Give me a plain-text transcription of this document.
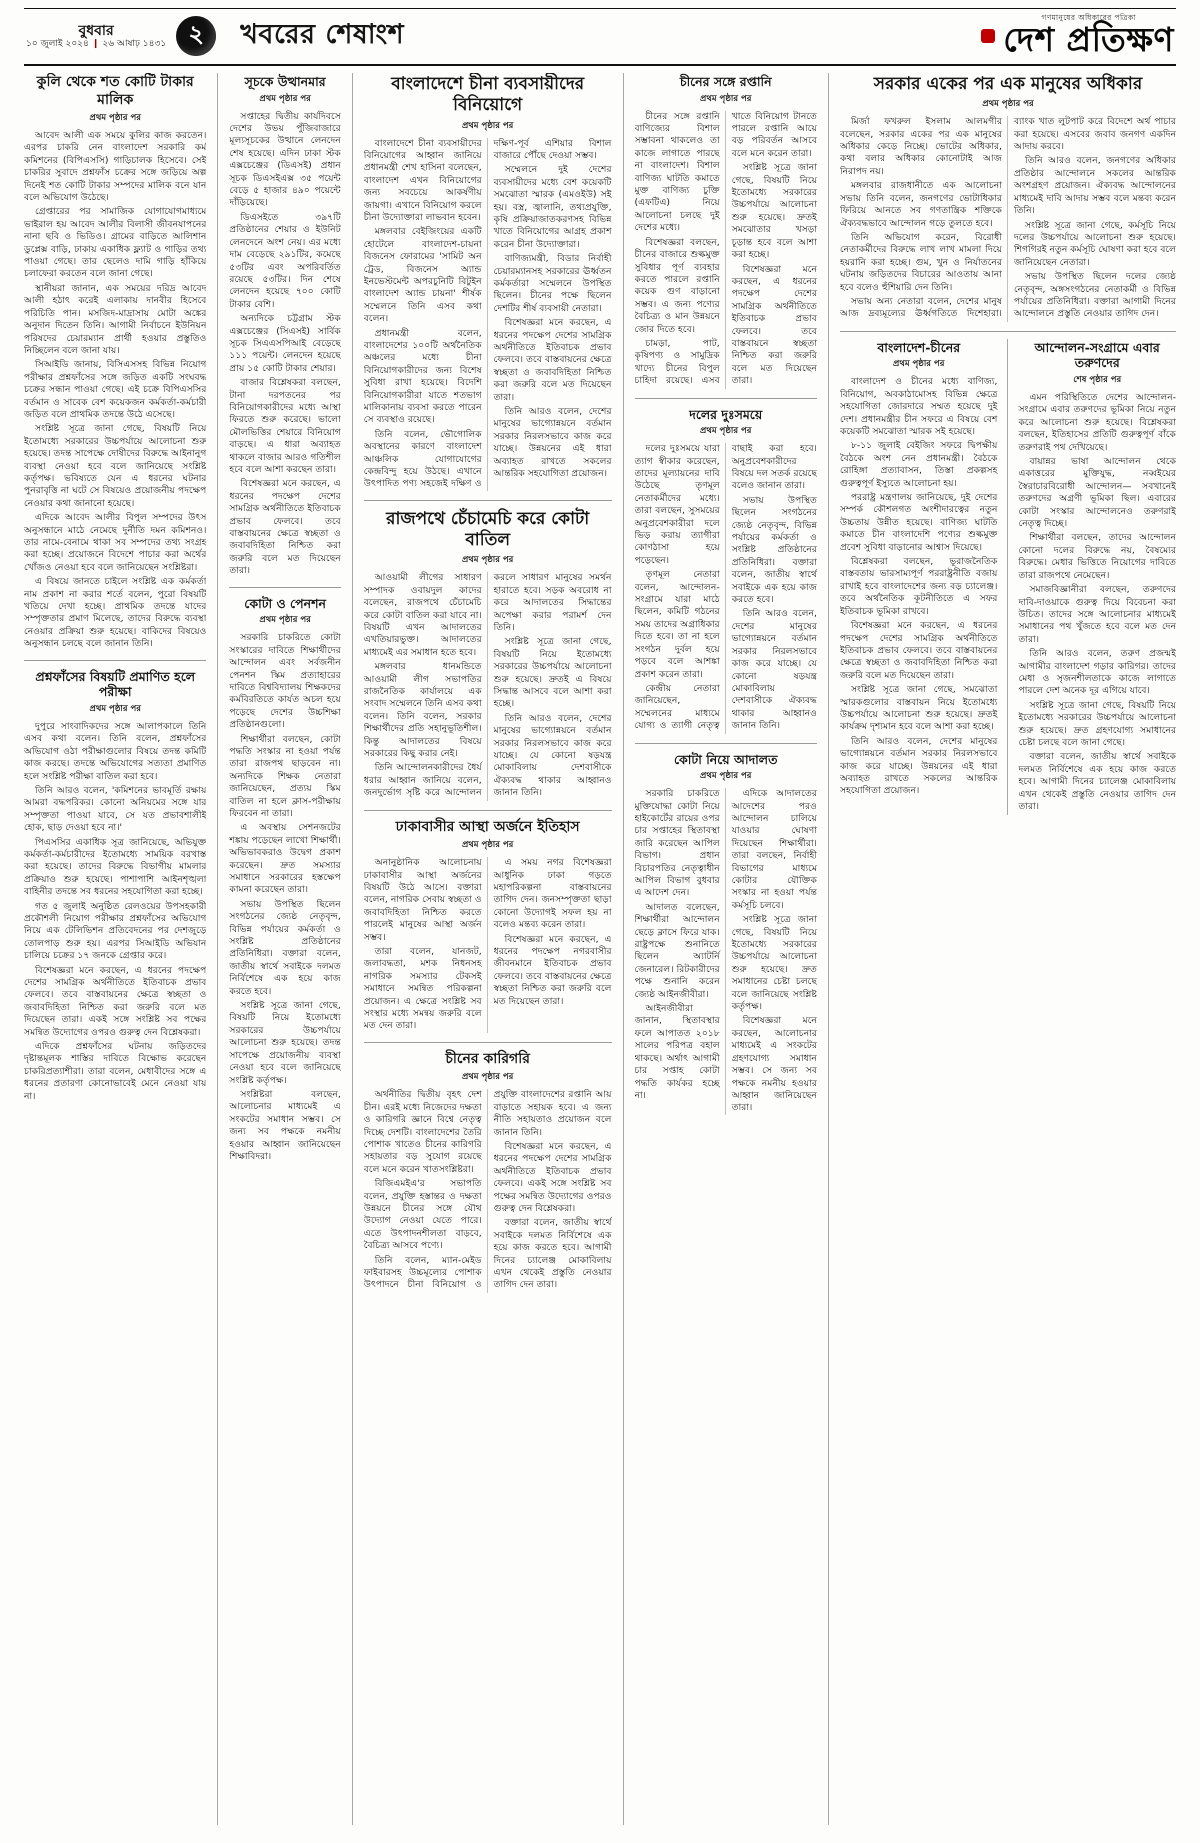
বুধবার
১০ জুলাই ২০২৪ ❙ ২৬ আষাঢ় ১৪৩১ ২	খবরের শেষাংশ
গণমানুষের অধিকারের পত্রিকা
দেশ প্রতিক্ষণ
কুলি থেকে শত কোটি টাকার মালিক
প্রথম পৃষ্ঠার পর

আবেদ আলী এক সময়ে কুলির কাজ করতেন। এরপর চাকরি নেন বাংলাদেশ সরকারি কর্ম কমিশনের (বিপিএসসি) গাড়িচালক হিসেবে। সেই চাকরির সুবাদে প্রশ্নফাঁস চক্রের সঙ্গে জড়িয়ে অল্প দিনেই শত কোটি টাকার সম্পদের মালিক বনে যান বলে অভিযোগ উঠেছে।

গ্রেপ্তারের পর সামাজিক যোগাযোগমাধ্যমে ভাইরাল হয় আবেদ আলীর বিলাসী জীবনযাপনের নানা ছবি ও ভিডিও। গ্রামের বাড়িতে আলিশান ডুপ্লেক্স বাড়ি, ঢাকায় একাধিক ফ্ল্যাট ও গাড়ির তথ্য পাওয়া গেছে। তার ছেলেও দামি গাড়ি হাঁকিয়ে চলাফেরা করতেন বলে জানা গেছে।

স্থানীয়রা জানান, এক সময়ের দরিদ্র আবেদ আলী হঠাৎ করেই এলাকায় দানবীর হিসেবে পরিচিতি পান। মসজিদ-মাদ্রাসায় মোটা অঙ্কের অনুদান দিতেন তিনি। আগামী নির্বাচনে ইউনিয়ন পরিষদের চেয়ারম্যান প্রার্থী হওয়ার প্রস্তুতিও নিচ্ছিলেন বলে জানা যায়।

সিআইডি জানায়, বিসিএসসহ বিভিন্ন নিয়োগ পরীক্ষার প্রশ্নফাঁসের সঙ্গে জড়িত একটি সংঘবদ্ধ চক্রের সন্ধান পাওয়া গেছে। এই চক্রে বিপিএসসির বর্তমান ও সাবেক বেশ কয়েকজন কর্মকর্তা-কর্মচারী জড়িত বলে প্রাথমিক তদন্তে উঠে এসেছে।

সংশ্লিষ্ট সূত্রে জানা গেছে, বিষয়টি নিয়ে ইতোমধ্যে সরকারের উচ্চপর্যায়ে আলোচনা শুরু হয়েছে। তদন্ত সাপেক্ষে দোষীদের বিরুদ্ধে আইনানুগ ব্যবস্থা নেওয়া হবে বলে জানিয়েছে সংশ্লিষ্ট কর্তৃপক্ষ। ভবিষ্যতে যেন এ ধরনের ঘটনার পুনরাবৃত্তি না ঘটে সে বিষয়েও প্রয়োজনীয় পদক্ষেপ নেওয়ার কথা জানানো হয়েছে।

এদিকে আবেদ আলীর বিপুল সম্পদের উৎস অনুসন্ধানে মাঠে নেমেছে দুর্নীতি দমন কমিশনও। তার নামে-বেনামে থাকা সব সম্পদের তথ্য সংগ্রহ করা হচ্ছে। প্রয়োজনে বিদেশে পাচার করা অর্থের খোঁজও নেওয়া হবে বলে জানিয়েছেন সংশ্লিষ্টরা।

এ বিষয়ে জানতে চাইলে সংশ্লিষ্ট এক কর্মকর্তা নাম প্রকাশ না করার শর্তে বলেন, পুরো বিষয়টি খতিয়ে দেখা হচ্ছে। প্রাথমিক তদন্তে যাদের সম্পৃক্ততার প্রমাণ মিলেছে, তাদের বিরুদ্ধে ব্যবস্থা নেওয়ার প্রক্রিয়া শুরু হয়েছে। বাকিদের বিষয়েও অনুসন্ধান চলছে বলে জানান তিনি।

প্রশ্নফাঁসের বিষয়টি প্রমাণিত হলে পরীক্ষা
প্রথম পৃষ্ঠার পর

দুপুরে সাংবাদিকদের সঙ্গে আলাপকালে তিনি এসব কথা বলেন। তিনি বলেন, প্রশ্নফাঁসের অভিযোগ ওঠা পরীক্ষাগুলোর বিষয়ে তদন্ত কমিটি কাজ করছে। তদন্তে অভিযোগের সত্যতা প্রমাণিত হলে সংশ্লিষ্ট পরীক্ষা বাতিল করা হবে।

তিনি আরও বলেন, 'কমিশনের ভাবমূর্তি রক্ষায় আমরা বদ্ধপরিকর। কোনো অনিয়মের সঙ্গে যার সম্পৃক্ততা পাওয়া যাবে, সে যত প্রভাবশালীই হোক, ছাড় দেওয়া হবে না।'

পিএসসির একাধিক সূত্র জানিয়েছে, অভিযুক্ত কর্মকর্তা-কর্মচারীদের ইতোমধ্যে সাময়িক বরখাস্ত করা হয়েছে। তাদের বিরুদ্ধে বিভাগীয় মামলার প্রক্রিয়াও শুরু হয়েছে। পাশাপাশি আইনশৃঙ্খলা বাহিনীর তদন্তে সব ধরনের সহযোগিতা করা হচ্ছে।

গত ৫ জুলাই অনুষ্ঠিত রেলওয়ের উপসহকারী প্রকৌশলী নিয়োগ পরীক্ষার প্রশ্নফাঁসের অভিযোগ নিয়ে এক টেলিভিশন প্রতিবেদনের পর দেশজুড়ে তোলপাড় শুরু হয়। এরপর সিআইডি অভিযান চালিয়ে চক্রের ১৭ জনকে গ্রেপ্তার করে।

বিশেষজ্ঞরা মনে করছেন, এ ধরনের পদক্ষেপ দেশের সামগ্রিক অর্থনীতিতে ইতিবাচক প্রভাব ফেলবে। তবে বাস্তবায়নের ক্ষেত্রে স্বচ্ছতা ও জবাবদিহিতা নিশ্চিত করা জরুরি বলে মত দিয়েছেন তারা। একই সঙ্গে সংশ্লিষ্ট সব পক্ষের সমন্বিত উদ্যোগের ওপরও গুরুত্ব দেন বিশ্লেষকরা।

এদিকে প্রশ্নফাঁসের ঘটনায় জড়িতদের দৃষ্টান্তমূলক শাস্তির দাবিতে বিক্ষোভ করেছেন চাকরিপ্রত্যাশীরা। তারা বলেন, মেধাবীদের সঙ্গে এ ধরনের প্রতারণা কোনোভাবেই মেনে নেওয়া যায় না।

সূচকে উত্থানমার
প্রথম পৃষ্ঠার পর

সপ্তাহের দ্বিতীয় কার্যদিবসে দেশের উভয় পুঁজিবাজারে মূল্যসূচকের উত্থানে লেনদেন শেষ হয়েছে। এদিন ঢাকা স্টক এক্সচেঞ্জের (ডিএসই) প্রধান সূচক ডিএসইএক্স ৩৫ পয়েন্ট বেড়ে ৫ হাজার ৪৯০ পয়েন্টে দাঁড়িয়েছে।

ডিএসইতে ৩৯৭টি প্রতিষ্ঠানের শেয়ার ও ইউনিট লেনদেনে অংশ নেয়। এর মধ্যে দাম বেড়েছে ২৯১টির, কমেছে ৫৩টির এবং অপরিবর্তিত রয়েছে ৫৩টির। দিন শেষে লেনদেন হয়েছে ৭০০ কোটি টাকার বেশি।

অন্যদিকে চট্টগ্রাম স্টক এক্সচেঞ্জের (সিএসই) সার্বিক সূচক সিএএসপিআই বেড়েছে ১১১ পয়েন্ট। লেনদেন হয়েছে প্রায় ১৫ কোটি টাকার শেয়ার।

বাজার বিশ্লেষকরা বলছেন, টানা দরপতনের পর বিনিয়োগকারীদের মধ্যে আস্থা ফিরতে শুরু করেছে। ভালো মৌলভিত্তির শেয়ারে বিনিয়োগ বাড়ছে। এ ধারা অব্যাহত থাকলে বাজার আরও গতিশীল হবে বলে আশা করছেন তারা।

বিশেষজ্ঞরা মনে করছেন, এ ধরনের পদক্ষেপ দেশের সামগ্রিক অর্থনীতিতে ইতিবাচক প্রভাব ফেলবে। তবে বাস্তবায়নের ক্ষেত্রে স্বচ্ছতা ও জবাবদিহিতা নিশ্চিত করা জরুরি বলে মত দিয়েছেন তারা।

কোটা ও পেনশন
প্রথম পৃষ্ঠার পর

সরকারি চাকরিতে কোটা সংস্কারের দাবিতে শিক্ষার্থীদের আন্দোলন এবং সর্বজনীন পেনশন স্কিম প্রত্যাহারের দাবিতে বিশ্ববিদ্যালয় শিক্ষকদের কর্মবিরতিতে কার্যত অচল হয়ে পড়েছে দেশের উচ্চশিক্ষা প্রতিষ্ঠানগুলো।

শিক্ষার্থীরা বলছেন, কোটা পদ্ধতি সংস্কার না হওয়া পর্যন্ত তারা রাজপথ ছাড়বেন না। অন্যদিকে শিক্ষক নেতারা জানিয়েছেন, প্রত্যয় স্কিম বাতিল না হলে ক্লাস-পরীক্ষায় ফিরবেন না তারা।

এ অবস্থায় সেশনজটের শঙ্কায় পড়েছেন লাখো শিক্ষার্থী। অভিভাবকরাও উদ্বেগ প্রকাশ করেছেন। দ্রুত সমস্যার সমাধানে সরকারের হস্তক্ষেপ কামনা করেছেন তারা।

সভায় উপস্থিত ছিলেন সংগঠনের জ্যেষ্ঠ নেতৃবৃন্দ, বিভিন্ন পর্যায়ের কর্মকর্তা ও সংশ্লিষ্ট প্রতিষ্ঠানের প্রতিনিধিরা। বক্তারা বলেন, জাতীয় স্বার্থে সবাইকে দলমত নির্বিশেষে এক হয়ে কাজ করতে হবে।

সংশ্লিষ্ট সূত্রে জানা গেছে, বিষয়টি নিয়ে ইতোমধ্যে সরকারের উচ্চপর্যায়ে আলোচনা শুরু হয়েছে। তদন্ত সাপেক্ষে প্রয়োজনীয় ব্যবস্থা নেওয়া হবে বলে জানিয়েছে সংশ্লিষ্ট কর্তৃপক্ষ।

সংশ্লিষ্টরা বলছেন, আলোচনার মাধ্যমেই এ সংকটের সমাধান সম্ভব। সে জন্য সব পক্ষকে নমনীয় হওয়ার আহ্বান জানিয়েছেন শিক্ষাবিদরা।

বাংলাদেশে চীনা ব্যবসায়ীদের বিনিয়োগে
প্রথম পৃষ্ঠার পর

বাংলাদেশে চীনা ব্যবসায়ীদের বিনিয়োগের আহ্বান জানিয়ে প্রধানমন্ত্রী শেখ হাসিনা বলেছেন, বাংলাদেশ এখন বিনিয়োগের জন্য সবচেয়ে আকর্ষণীয় জায়গা। এখানে বিনিয়োগ করলে চীনা উদ্যোক্তারা লাভবান হবেন।

মঙ্গলবার বেইজিংয়ের একটি হোটেলে বাংলাদেশ-চায়না বিজনেস ফোরামের 'সামিট অন ট্রেড, বিজনেস অ্যান্ড ইনভেস্টমেন্ট অপরচুনিটি বিটুইন বাংলাদেশ অ্যান্ড চায়না' শীর্ষক সম্মেলনে তিনি এসব কথা বলেন।

প্রধানমন্ত্রী বলেন, বাংলাদেশের ১০০টি অর্থনৈতিক অঞ্চলের মধ্যে চীনা বিনিয়োগকারীদের জন্য বিশেষ সুবিধা রাখা হয়েছে। বিদেশি বিনিয়োগকারীরা যাতে শতভাগ মালিকানায় ব্যবসা করতে পারেন সে ব্যবস্থাও রয়েছে।

তিনি বলেন, ভৌগোলিক অবস্থানের কারণে বাংলাদেশ আঞ্চলিক যোগাযোগের কেন্দ্রবিন্দু হয়ে উঠছে। এখানে উৎপাদিত পণ্য সহজেই দক্ষিণ ও দক্ষিণ-পূর্ব এশিয়ার বিশাল বাজারে পৌঁছে দেওয়া সম্ভব।

সম্মেলনে দুই দেশের ব্যবসায়ীদের মধ্যে বেশ কয়েকটি সমঝোতা স্মারক (এমওইউ) সই হয়। বস্ত্র, জ্বালানি, তথ্যপ্রযুক্তি, কৃষি প্রক্রিয়াজাতকরণসহ বিভিন্ন খাতে বিনিয়োগের আগ্রহ প্রকাশ করেন চীনা উদ্যোক্তারা।

বাণিজ্যমন্ত্রী, বিডার নির্বাহী চেয়ারম্যানসহ সরকারের ঊর্ধ্বতন কর্মকর্তারা সম্মেলনে উপস্থিত ছিলেন। চীনের পক্ষে ছিলেন দেশটির শীর্ষ ব্যবসায়ী নেতারা।

বিশেষজ্ঞরা মনে করছেন, এ ধরনের পদক্ষেপ দেশের সামগ্রিক অর্থনীতিতে ইতিবাচক প্রভাব ফেলবে। তবে বাস্তবায়নের ক্ষেত্রে স্বচ্ছতা ও জবাবদিহিতা নিশ্চিত করা জরুরি বলে মত দিয়েছেন তারা।

তিনি আরও বলেন, দেশের মানুষের ভাগ্যোন্নয়নে বর্তমান সরকার নিরলসভাবে কাজ করে যাচ্ছে। উন্নয়নের এই ধারা অব্যাহত রাখতে সকলের আন্তরিক সহযোগিতা প্রয়োজন।

রাজপথে চেঁচামেচি করে কোটা বাতিল
প্রথম পৃষ্ঠার পর

আওয়ামী লীগের সাধারণ সম্পাদক ওবায়দুল কাদের বলেছেন, রাজপথে চেঁচামেচি করে কোটা বাতিল করা যাবে না। বিষয়টি এখন আদালতের এখতিয়ারভুক্ত। আদালতের মাধ্যমেই এর সমাধান হতে হবে।

মঙ্গলবার ধানমন্ডিতে আওয়ামী লীগ সভাপতির রাজনৈতিক কার্যালয়ে এক সংবাদ সম্মেলনে তিনি এসব কথা বলেন। তিনি বলেন, সরকার শিক্ষার্থীদের প্রতি সহানুভূতিশীল। কিন্তু আদালতের বিষয়ে সরকারের কিছু করার নেই।

তিনি আন্দোলনকারীদের ধৈর্য ধরার আহ্বান জানিয়ে বলেন, জনদুর্ভোগ সৃষ্টি করে আন্দোলন করলে সাধারণ মানুষের সমর্থন হারাতে হবে। সড়ক অবরোধ না করে আদালতের সিদ্ধান্তের অপেক্ষা করার পরামর্শ দেন তিনি।

সংশ্লিষ্ট সূত্রে জানা গেছে, বিষয়টি নিয়ে ইতোমধ্যে সরকারের উচ্চপর্যায়ে আলোচনা শুরু হয়েছে। দ্রুতই এ বিষয়ে সিদ্ধান্ত আসবে বলে আশা করা হচ্ছে।

তিনি আরও বলেন, দেশের মানুষের ভাগ্যোন্নয়নে বর্তমান সরকার নিরলসভাবে কাজ করে যাচ্ছে। যে কোনো ষড়যন্ত্র মোকাবিলায় দেশবাসীকে ঐক্যবদ্ধ থাকার আহ্বানও জানান তিনি।

ঢাকাবাসীর আস্থা অর্জনে ইতিহাস
প্রথম পৃষ্ঠার পর

অনানুষ্ঠানিক আলোচনায় ঢাকাবাসীর আস্থা অর্জনের বিষয়টি উঠে আসে। বক্তারা বলেন, নাগরিক সেবায় স্বচ্ছতা ও জবাবদিহিতা নিশ্চিত করতে পারলেই মানুষের আস্থা অর্জন সম্ভব।

তারা বলেন, যানজট, জলাবদ্ধতা, মশক নিধনসহ নাগরিক সমস্যার টেকসই সমাধানে সমন্বিত পরিকল্পনা প্রয়োজন। এ ক্ষেত্রে সংশ্লিষ্ট সব সংস্থার মধ্যে সমন্বয় জরুরি বলে মত দেন তারা।

এ সময় নগর বিশেষজ্ঞরা আধুনিক ঢাকা গড়তে মহাপরিকল্পনা বাস্তবায়নের তাগিদ দেন। জনসম্পৃক্ততা ছাড়া কোনো উদ্যোগই সফল হয় না বলেও মন্তব্য করেন তারা।

বিশেষজ্ঞরা মনে করছেন, এ ধরনের পদক্ষেপ নগরবাসীর জীবনমানে ইতিবাচক প্রভাব ফেলবে। তবে বাস্তবায়নের ক্ষেত্রে স্বচ্ছতা নিশ্চিত করা জরুরি বলে মত দিয়েছেন তারা।

চীনের কারিগরি
প্রথম পৃষ্ঠার পর

অর্থনীতির দ্বিতীয় বৃহৎ দেশ চীন। এরই মধ্যে নিজেদের দক্ষতা ও কারিগরি জ্ঞানে বিশ্বে নেতৃত্ব দিচ্ছে দেশটি। বাংলাদেশের তৈরি পোশাক খাতেও চীনের কারিগরি সহায়তার বড় সুযোগ রয়েছে বলে মনে করেন খাতসংশ্লিষ্টরা।

বিজিএমইএ'র সভাপতি বলেন, প্রযুক্তি হস্তান্তর ও দক্ষতা উন্নয়নে চীনের সঙ্গে যৌথ উদ্যোগ নেওয়া যেতে পারে। এতে উৎপাদনশীলতা বাড়বে, বৈচিত্র্য আসবে পণ্যে।

তিনি বলেন, ম্যান-মেইড ফাইবারসহ উচ্চমূল্যের পোশাক উৎপাদনে চীনা বিনিয়োগ ও প্রযুক্তি বাংলাদেশের রপ্তানি আয় বাড়াতে সহায়ক হবে। এ জন্য নীতি সহায়তাও প্রয়োজন বলে জানান তিনি।

বিশেষজ্ঞরা মনে করছেন, এ ধরনের পদক্ষেপ দেশের সামগ্রিক অর্থনীতিতে ইতিবাচক প্রভাব ফেলবে। একই সঙ্গে সংশ্লিষ্ট সব পক্ষের সমন্বিত উদ্যোগের ওপরও গুরুত্ব দেন বিশ্লেষকরা।

বক্তারা বলেন, জাতীয় স্বার্থে সবাইকে দলমত নির্বিশেষে এক হয়ে কাজ করতে হবে। আগামী দিনের চ্যালেঞ্জ মোকাবিলায় এখন থেকেই প্রস্তুতি নেওয়ার তাগিদ দেন তারা।

চীনের সঙ্গে রপ্তানি
প্রথম পৃষ্ঠার পর

চীনের সঙ্গে রপ্তানি বাণিজ্যের বিশাল সম্ভাবনা থাকলেও তা কাজে লাগাতে পারছে না বাংলাদেশ। বিশাল বাণিজ্য ঘাটতি কমাতে মুক্ত বাণিজ্য চুক্তি (এফটিএ) নিয়ে আলোচনা চলছে দুই দেশের মধ্যে।

বিশেষজ্ঞরা বলছেন, চীনের বাজারে শুল্কমুক্ত সুবিধার পূর্ণ ব্যবহার করতে পারলে রপ্তানি কয়েক গুণ বাড়ানো সম্ভব। এ জন্য পণ্যের বৈচিত্র্য ও মান উন্নয়নে জোর দিতে হবে।

চামড়া, পাট, কৃষিপণ্য ও সামুদ্রিক খাদ্যে চীনের বিপুল চাহিদা রয়েছে। এসব খাতে বিনিয়োগ টানতে পারলে রপ্তানি আয়ে বড় পরিবর্তন আসবে বলে মনে করেন তারা।

সংশ্লিষ্ট সূত্রে জানা গেছে, বিষয়টি নিয়ে ইতোমধ্যে সরকারের উচ্চপর্যায়ে আলোচনা শুরু হয়েছে। দ্রুতই সমঝোতার খসড়া চূড়ান্ত হবে বলে আশা করা হচ্ছে।

বিশেষজ্ঞরা মনে করছেন, এ ধরনের পদক্ষেপ দেশের সামগ্রিক অর্থনীতিতে ইতিবাচক প্রভাব ফেলবে। তবে বাস্তবায়নে স্বচ্ছতা নিশ্চিত করা জরুরি বলে মত দিয়েছেন তারা।

দলের দুঃসময়ে
প্রথম পৃষ্ঠার পর

দলের দুঃসময়ে যারা ত্যাগ স্বীকার করেছেন, তাদের মূল্যায়নের দাবি উঠেছে তৃণমূল নেতাকর্মীদের মধ্যে। তারা বলছেন, সুসময়ের অনুপ্রবেশকারীরা দলে ভিড় করায় ত্যাগীরা কোণঠাসা হয়ে পড়েছেন।

তৃণমূল নেতারা বলেন, আন্দোলন-সংগ্রামে যারা মাঠে ছিলেন, কমিটি গঠনের সময় তাদের অগ্রাধিকার দিতে হবে। তা না হলে সংগঠন দুর্বল হয়ে পড়বে বলে আশঙ্কা প্রকাশ করেন তারা।

কেন্দ্রীয় নেতারা জানিয়েছেন, সম্মেলনের মাধ্যমে যোগ্য ও ত্যাগী নেতৃত্ব বাছাই করা হবে। অনুপ্রবেশকারীদের বিষয়ে দল সতর্ক রয়েছে বলেও জানান তারা।

সভায় উপস্থিত ছিলেন সংগঠনের জ্যেষ্ঠ নেতৃবৃন্দ, বিভিন্ন পর্যায়ের কর্মকর্তা ও সংশ্লিষ্ট প্রতিষ্ঠানের প্রতিনিধিরা। বক্তারা বলেন, জাতীয় স্বার্থে সবাইকে এক হয়ে কাজ করতে হবে।

তিনি আরও বলেন, দেশের মানুষের ভাগ্যোন্নয়নে বর্তমান সরকার নিরলসভাবে কাজ করে যাচ্ছে। যে কোনো ষড়যন্ত্র মোকাবিলায় দেশবাসীকে ঐক্যবদ্ধ থাকার আহ্বানও জানান তিনি।

কোটা নিয়ে আদালত
প্রথম পৃষ্ঠার পর

সরকারি চাকরিতে মুক্তিযোদ্ধা কোটা নিয়ে হাইকোর্টের রায়ের ওপর চার সপ্তাহের স্থিতাবস্থা জারি করেছেন আপিল বিভাগ। প্রধান বিচারপতির নেতৃত্বাধীন আপিল বিভাগ বুধবার এ আদেশ দেন।

আদালত বলেছেন, শিক্ষার্থীরা আন্দোলন ছেড়ে ক্লাসে ফিরে যাক। রাষ্ট্রপক্ষে শুনানিতে ছিলেন অ্যাটর্নি জেনারেল। রিটকারীদের পক্ষে শুনানি করেন জ্যেষ্ঠ আইনজীবীরা।

আইনজীবীরা জানান, স্থিতাবস্থার ফলে আপাতত ২০১৮ সালের পরিপত্র বহাল থাকছে। অর্থাৎ আগামী চার সপ্তাহ কোটা পদ্ধতি কার্যকর হচ্ছে না।

এদিকে আদালতের আদেশের পরও আন্দোলন চালিয়ে যাওয়ার ঘোষণা দিয়েছেন শিক্ষার্থীরা। তারা বলছেন, নির্বাহী বিভাগের মাধ্যমে কোটার যৌক্তিক সংস্কার না হওয়া পর্যন্ত কর্মসূচি চলবে।

সংশ্লিষ্ট সূত্রে জানা গেছে, বিষয়টি নিয়ে ইতোমধ্যে সরকারের উচ্চপর্যায়ে আলোচনা শুরু হয়েছে। দ্রুত সমাধানের চেষ্টা চলছে বলে জানিয়েছে সংশ্লিষ্ট কর্তৃপক্ষ।

বিশেষজ্ঞরা মনে করছেন, আলোচনার মাধ্যমেই এ সংকটের গ্রহণযোগ্য সমাধান সম্ভব। সে জন্য সব পক্ষকে নমনীয় হওয়ার আহ্বান জানিয়েছেন তারা।

সরকার একের পর এক মানুষের অধিকার
প্রথম পৃষ্ঠার পর

মির্জা ফখরুল ইসলাম আলমগীর বলেছেন, সরকার একের পর এক মানুষের অধিকার কেড়ে নিচ্ছে। ভোটের অধিকার, কথা বলার অধিকার কোনোটাই আজ নিরাপদ নয়।

মঙ্গলবার রাজধানীতে এক আলোচনা সভায় তিনি বলেন, জনগণের ভোটাধিকার ফিরিয়ে আনতে সব গণতান্ত্রিক শক্তিকে ঐক্যবদ্ধভাবে আন্দোলন গড়ে তুলতে হবে।

তিনি অভিযোগ করেন, বিরোধী নেতাকর্মীদের বিরুদ্ধে লাখ লাখ মামলা দিয়ে হয়রানি করা হচ্ছে। গুম, খুন ও নির্যাতনের ঘটনায় জড়িতদের বিচারের আওতায় আনা হবে বলেও হুঁশিয়ারি দেন তিনি।

সভায় অন্য নেতারা বলেন, দেশের মানুষ আজ দ্রব্যমূল্যের ঊর্ধ্বগতিতে দিশেহারা। ব্যাংক খাত লুটপাট করে বিদেশে অর্থ পাচার করা হয়েছে। এসবের জবাব জনগণ একদিন আদায় করবে।

তিনি আরও বলেন, জনগণের অধিকার প্রতিষ্ঠার আন্দোলনে সকলের আন্তরিক অংশগ্রহণ প্রয়োজন। ঐক্যবদ্ধ আন্দোলনের মাধ্যমেই দাবি আদায় সম্ভব বলে মন্তব্য করেন তিনি।

সংশ্লিষ্ট সূত্রে জানা গেছে, কর্মসূচি নিয়ে দলের উচ্চপর্যায়ে আলোচনা শুরু হয়েছে। শিগগিরই নতুন কর্মসূচি ঘোষণা করা হবে বলে জানিয়েছেন নেতারা।

সভায় উপস্থিত ছিলেন দলের জ্যেষ্ঠ নেতৃবৃন্দ, অঙ্গসংগঠনের নেতাকর্মী ও বিভিন্ন পর্যায়ের প্রতিনিধিরা। বক্তারা আগামী দিনের আন্দোলনে প্রস্তুতি নেওয়ার তাগিদ দেন।

বাংলাদেশ-চীনের
প্রথম পৃষ্ঠার পর

বাংলাদেশ ও চীনের মধ্যে বাণিজ্য, বিনিয়োগ, অবকাঠামোসহ বিভিন্ন ক্ষেত্রে সহযোগিতা জোরদারে সম্মত হয়েছে দুই দেশ। প্রধানমন্ত্রীর চীন সফরে এ বিষয়ে বেশ কয়েকটি সমঝোতা স্মারক সই হয়েছে।

৮-১১ জুলাই বেইজিং সফরে দ্বিপক্ষীয় বৈঠকে অংশ নেন প্রধানমন্ত্রী। বৈঠকে রোহিঙ্গা প্রত্যাবাসন, তিস্তা প্রকল্পসহ গুরুত্বপূর্ণ ইস্যুতে আলোচনা হয়।

পররাষ্ট্র মন্ত্রণালয় জানিয়েছে, দুই দেশের সম্পর্ক কৌশলগত অংশীদারত্বের নতুন উচ্চতায় উন্নীত হয়েছে। বাণিজ্য ঘাটতি কমাতে চীন বাংলাদেশি পণ্যের শুল্কমুক্ত প্রবেশ সুবিধা বাড়ানোর আশ্বাস দিয়েছে।

বিশ্লেষকরা বলছেন, ভূরাজনৈতিক বাস্তবতায় ভারসাম্যপূর্ণ পররাষ্ট্রনীতি বজায় রাখাই হবে বাংলাদেশের জন্য বড় চ্যালেঞ্জ। তবে অর্থনৈতিক কূটনীতিতে এ সফর ইতিবাচক ভূমিকা রাখবে।

বিশেষজ্ঞরা মনে করছেন, এ ধরনের পদক্ষেপ দেশের সামগ্রিক অর্থনীতিতে ইতিবাচক প্রভাব ফেলবে। তবে বাস্তবায়নের ক্ষেত্রে স্বচ্ছতা ও জবাবদিহিতা নিশ্চিত করা জরুরি বলে মত দিয়েছেন তারা।

সংশ্লিষ্ট সূত্রে জানা গেছে, সমঝোতা স্মারকগুলোর বাস্তবায়ন নিয়ে ইতোমধ্যে উচ্চপর্যায়ে আলোচনা শুরু হয়েছে। দ্রুতই কার্যক্রম দৃশ্যমান হবে বলে আশা করা হচ্ছে।

তিনি আরও বলেন, দেশের মানুষের ভাগ্যোন্নয়নে বর্তমান সরকার নিরলসভাবে কাজ করে যাচ্ছে। উন্নয়নের এই ধারা অব্যাহত রাখতে সকলের আন্তরিক সহযোগিতা প্রয়োজন।

আন্দোলন-সংগ্রামে এবার তরুণদের
শেষ পৃষ্ঠার পর

এমন পরিস্থিতিতে দেশের আন্দোলন-সংগ্রামে এবার তরুণদের ভূমিকা নিয়ে নতুন করে আলোচনা শুরু হয়েছে। বিশ্লেষকরা বলছেন, ইতিহাসের প্রতিটি গুরুত্বপূর্ণ বাঁকে তরুণরাই পথ দেখিয়েছে।

বায়ান্নর ভাষা আন্দোলন থেকে একাত্তরের মুক্তিযুদ্ধ, নব্বইয়ের স্বৈরাচারবিরোধী আন্দোলন— সবখানেই তরুণদের অগ্রণী ভূমিকা ছিল। এবারের কোটা সংস্কার আন্দোলনেও তরুণরাই নেতৃত্ব দিচ্ছে।

শিক্ষার্থীরা বলছেন, তাদের আন্দোলন কোনো দলের বিরুদ্ধে নয়, বৈষম্যের বিরুদ্ধে। মেধার ভিত্তিতে নিয়োগের দাবিতে তারা রাজপথে নেমেছেন।

সমাজবিজ্ঞানীরা বলছেন, তরুণদের দাবি-দাওয়াকে গুরুত্ব দিয়ে বিবেচনা করা উচিত। তাদের সঙ্গে আলোচনার মাধ্যমেই সমাধানের পথ খুঁজতে হবে বলে মত দেন তারা।

তিনি আরও বলেন, তরুণ প্রজন্মই আগামীর বাংলাদেশ গড়ার কারিগর। তাদের মেধা ও সৃজনশীলতাকে কাজে লাগাতে পারলে দেশ অনেক দূর এগিয়ে যাবে।

সংশ্লিষ্ট সূত্রে জানা গেছে, বিষয়টি নিয়ে ইতোমধ্যে সরকারের উচ্চপর্যায়ে আলোচনা শুরু হয়েছে। দ্রুত গ্রহণযোগ্য সমাধানের চেষ্টা চলছে বলে জানা গেছে।

বক্তারা বলেন, জাতীয় স্বার্থে সবাইকে দলমত নির্বিশেষে এক হয়ে কাজ করতে হবে। আগামী দিনের চ্যালেঞ্জ মোকাবিলায় এখন থেকেই প্রস্তুতি নেওয়ার তাগিদ দেন তারা।
